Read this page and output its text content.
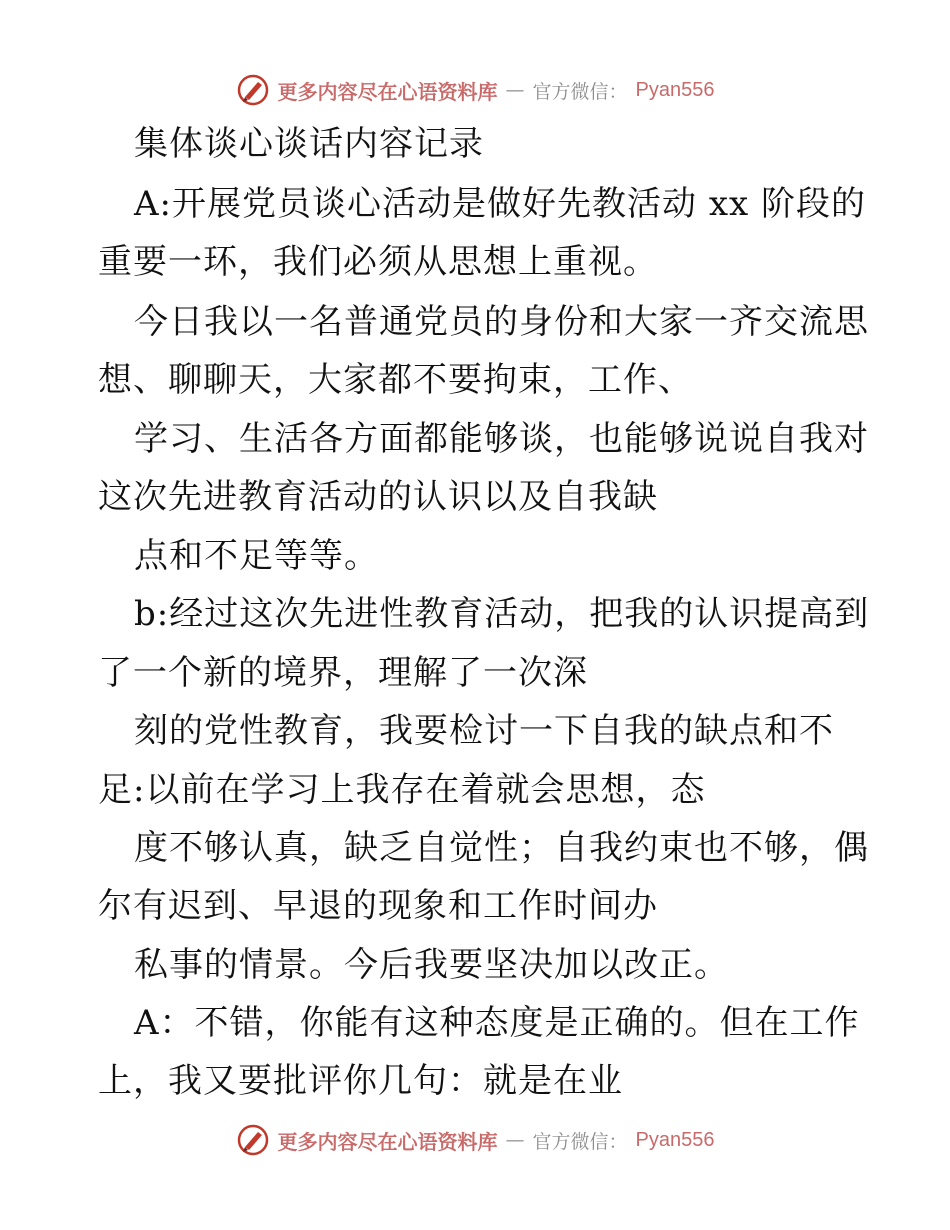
更多内容尽在心语资料库 — 官方微信： Pyan556
集体谈心谈话内容记录
A:开展党员谈心活动是做好先教活动 xx 阶段的
重要一环，我们必须从思想上重视。
今日我以一名普通党员的身份和大家一齐交流思
想、聊聊天，大家都不要拘束，工作、
学习、生活各方面都能够谈，也能够说说自我对
这次先进教育活动的认识以及自我缺
点和不足等等。
b:经过这次先进性教育活动，把我的认识提高到
了一个新的境界，理解了一次深
刻的党性教育，我要检讨一下自我的缺点和不
足:以前在学习上我存在着就会思想，态
度不够认真，缺乏自觉性；自我约束也不够，偶
尔有迟到、早退的现象和工作时间办
私事的情景。今后我要坚决加以改正。
A：不错，你能有这种态度是正确的。但在工作
上，我又要批评你几句：就是在业
更多内容尽在心语资料库 — 官方微信： Pyan556
